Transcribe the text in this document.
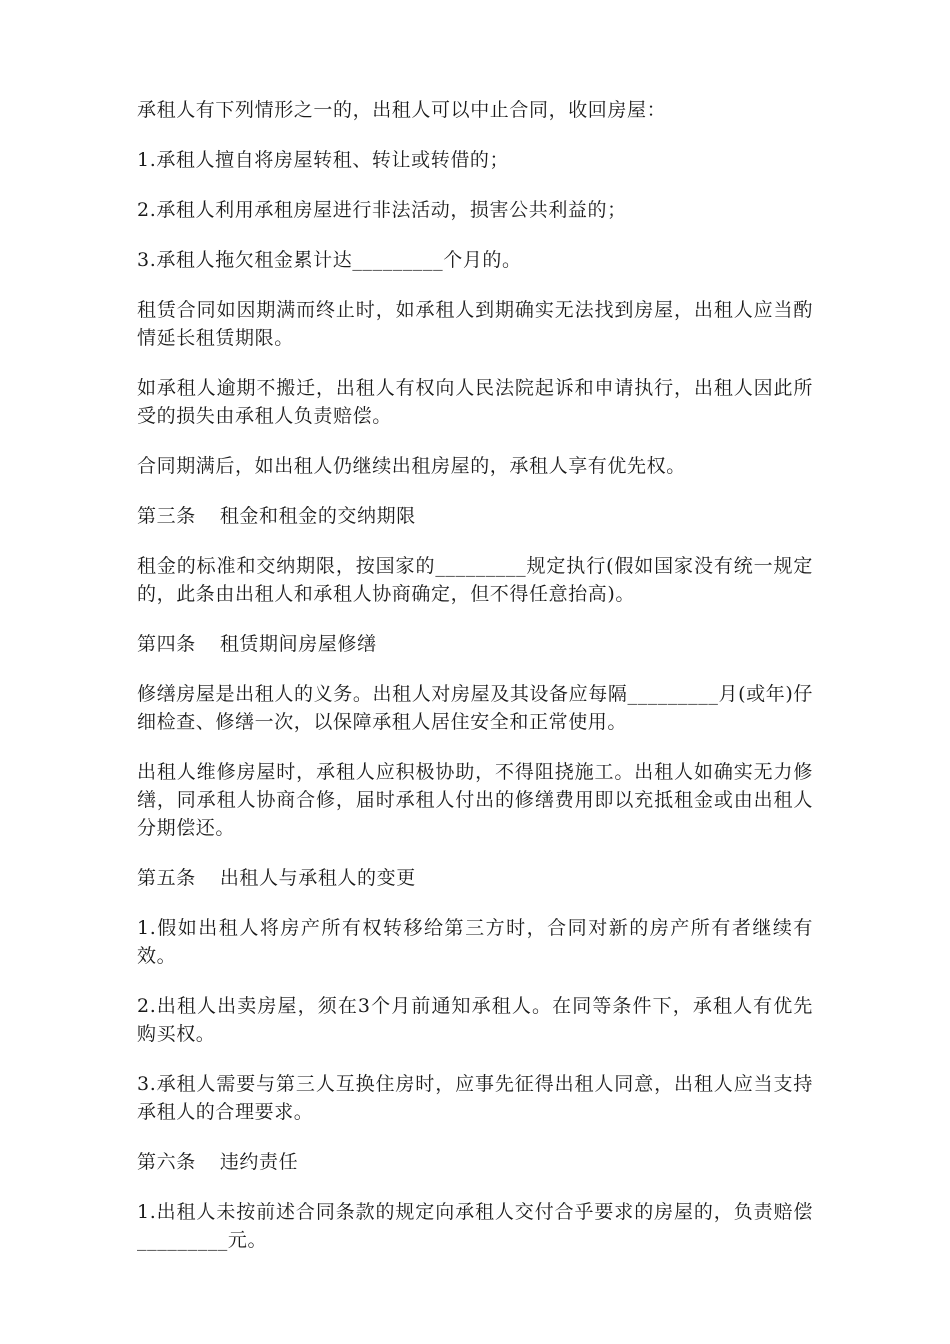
承租人有下列情形之一的，出租人可以中止合同，收回房屋：

1.承租人擅自将房屋转租、转让或转借的；

2.承租人利用承租房屋进行非法活动，损害公共利益的；

3.承租人拖欠租金累计达_________个月的。

租赁合同如因期满而终止时，如承租人到期确实无法找到房屋，出租人应当酌情延长租赁期限。

如承租人逾期不搬迁，出租人有权向人民法院起诉和申请执行，出租人因此所受的损失由承租人负责赔偿。

合同期满后，如出租人仍继续出租房屋的，承租人享有优先权。

第三条 租金和租金的交纳期限

租金的标准和交纳期限，按国家的_________规定执行(假如国家没有统一规定的，此条由出租人和承租人协商确定，但不得任意抬高)。

第四条 租赁期间房屋修缮

修缮房屋是出租人的义务。出租人对房屋及其设备应每隔_________月(或年)仔细检查、修缮一次，以保障承租人居住安全和正常使用。

出租人维修房屋时，承租人应积极协助，不得阻挠施工。出租人如确实无力修缮，同承租人协商合修，届时承租人付出的修缮费用即以充抵租金或由出租人分期偿还。

第五条 出租人与承租人的变更

1.假如出租人将房产所有权转移给第三方时，合同对新的房产所有者继续有效。

2.出租人出卖房屋，须在3个月前通知承租人。在同等条件下，承租人有优先购买权。

3.承租人需要与第三人互换住房时，应事先征得出租人同意，出租人应当支持承租人的合理要求。

第六条 违约责任

1.出租人未按前述合同条款的规定向承租人交付合乎要求的房屋的，负责赔偿_________元。
